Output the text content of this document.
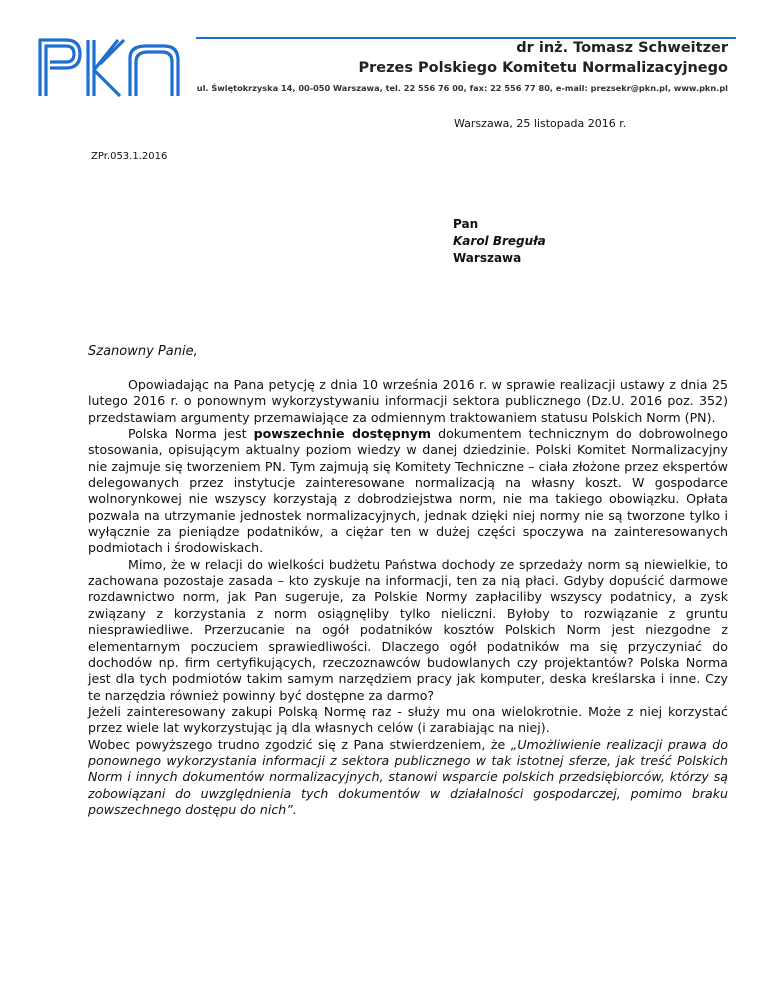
dr inż. Tomasz Schweitzer
Prezes Polskiego Komitetu Normalizacyjnego
ul. Świętokrzyska 14, 00-050 Warszawa, tel. 22 556 76 00, fax: 22 556 77 80, e-mail: prezsekr@pkn.pl, www.pkn.pl
Warszawa, 25 listopada 2016 r.
ZPr.053.1.2016
Pan
Karol Breguła
Warszawa
Szanowny Panie,

Opowiadając na Pana petycję z dnia 10 września 2016 r. w sprawie realizacji ustawy z dnia 25 lutego 2016 r. o ponownym wykorzystywaniu informacji sektora publicznego (Dz.U. 2016 poz. 352) przedstawiam argumenty przemawiające za odmiennym traktowaniem statusu Polskich Norm (PN).

Polska Norma jest powszechnie dostępnym dokumentem technicznym do dobrowolnego stosowania, opisującym aktualny poziom wiedzy w danej dziedzinie. Polski Komitet Normalizacyjny nie zajmuje się tworzeniem PN. Tym zajmują się Komitety Techniczne – ciała złożone przez ekspertów delegowanych przez instytucje zainteresowane normalizacją na własny koszt. W gospodarce wolnorynkowej nie wszyscy korzystają z dobrodziejstwa norm, nie ma takiego obowiązku. Opłata pozwala na utrzymanie jednostek normalizacyjnych, jednak dzięki niej normy nie są tworzone tylko i wyłącznie za pieniądze podatników, a ciężar ten w dużej części spoczywa na zainteresowanych podmiotach i środowiskach.

Mimo, że w relacji do wielkości budżetu Państwa dochody ze sprzedaży norm są niewielkie, to zachowana pozostaje zasada – kto zyskuje na informacji, ten za nią płaci. Gdyby dopuścić darmowe rozdawnictwo norm, jak Pan sugeruje, za Polskie Normy zapłaciliby wszyscy podatnicy, a zysk związany z korzystania z norm osiągnęliby tylko nieliczni. Byłoby to rozwiązanie z gruntu niesprawiedliwe. Przerzucanie na ogół podatników kosztów Polskich Norm jest niezgodne z elementarnym poczuciem sprawiedliwości. Dlaczego ogół podatników ma się przyczyniać do dochodów np. firm certyfikujących, rzeczoznawców budowlanych czy projektantów? Polska Norma jest dla tych podmiotów takim samym narzędziem pracy jak komputer, deska kreślarska i inne. Czy te narzędzia również powinny być dostępne za darmo?

Jeżeli zainteresowany zakupi Polską Normę raz - służy mu ona wielokrotnie. Może z niej korzystać przez wiele lat wykorzystując ją dla własnych celów (i zarabiając na niej).

Wobec powyższego trudno zgodzić się z Pana stwierdzeniem, że „Umożliwienie realizacji prawa do ponownego wykorzystania informacji z sektora publicznego w tak istotnej sferze, jak treść Polskich Norm i innych dokumentów normalizacyjnych, stanowi wsparcie polskich przedsiębiorców, którzy są zobowiązani do uwzględnienia tych dokumentów w działalności gospodarczej, pomimo braku powszechnego dostępu do nich”.
